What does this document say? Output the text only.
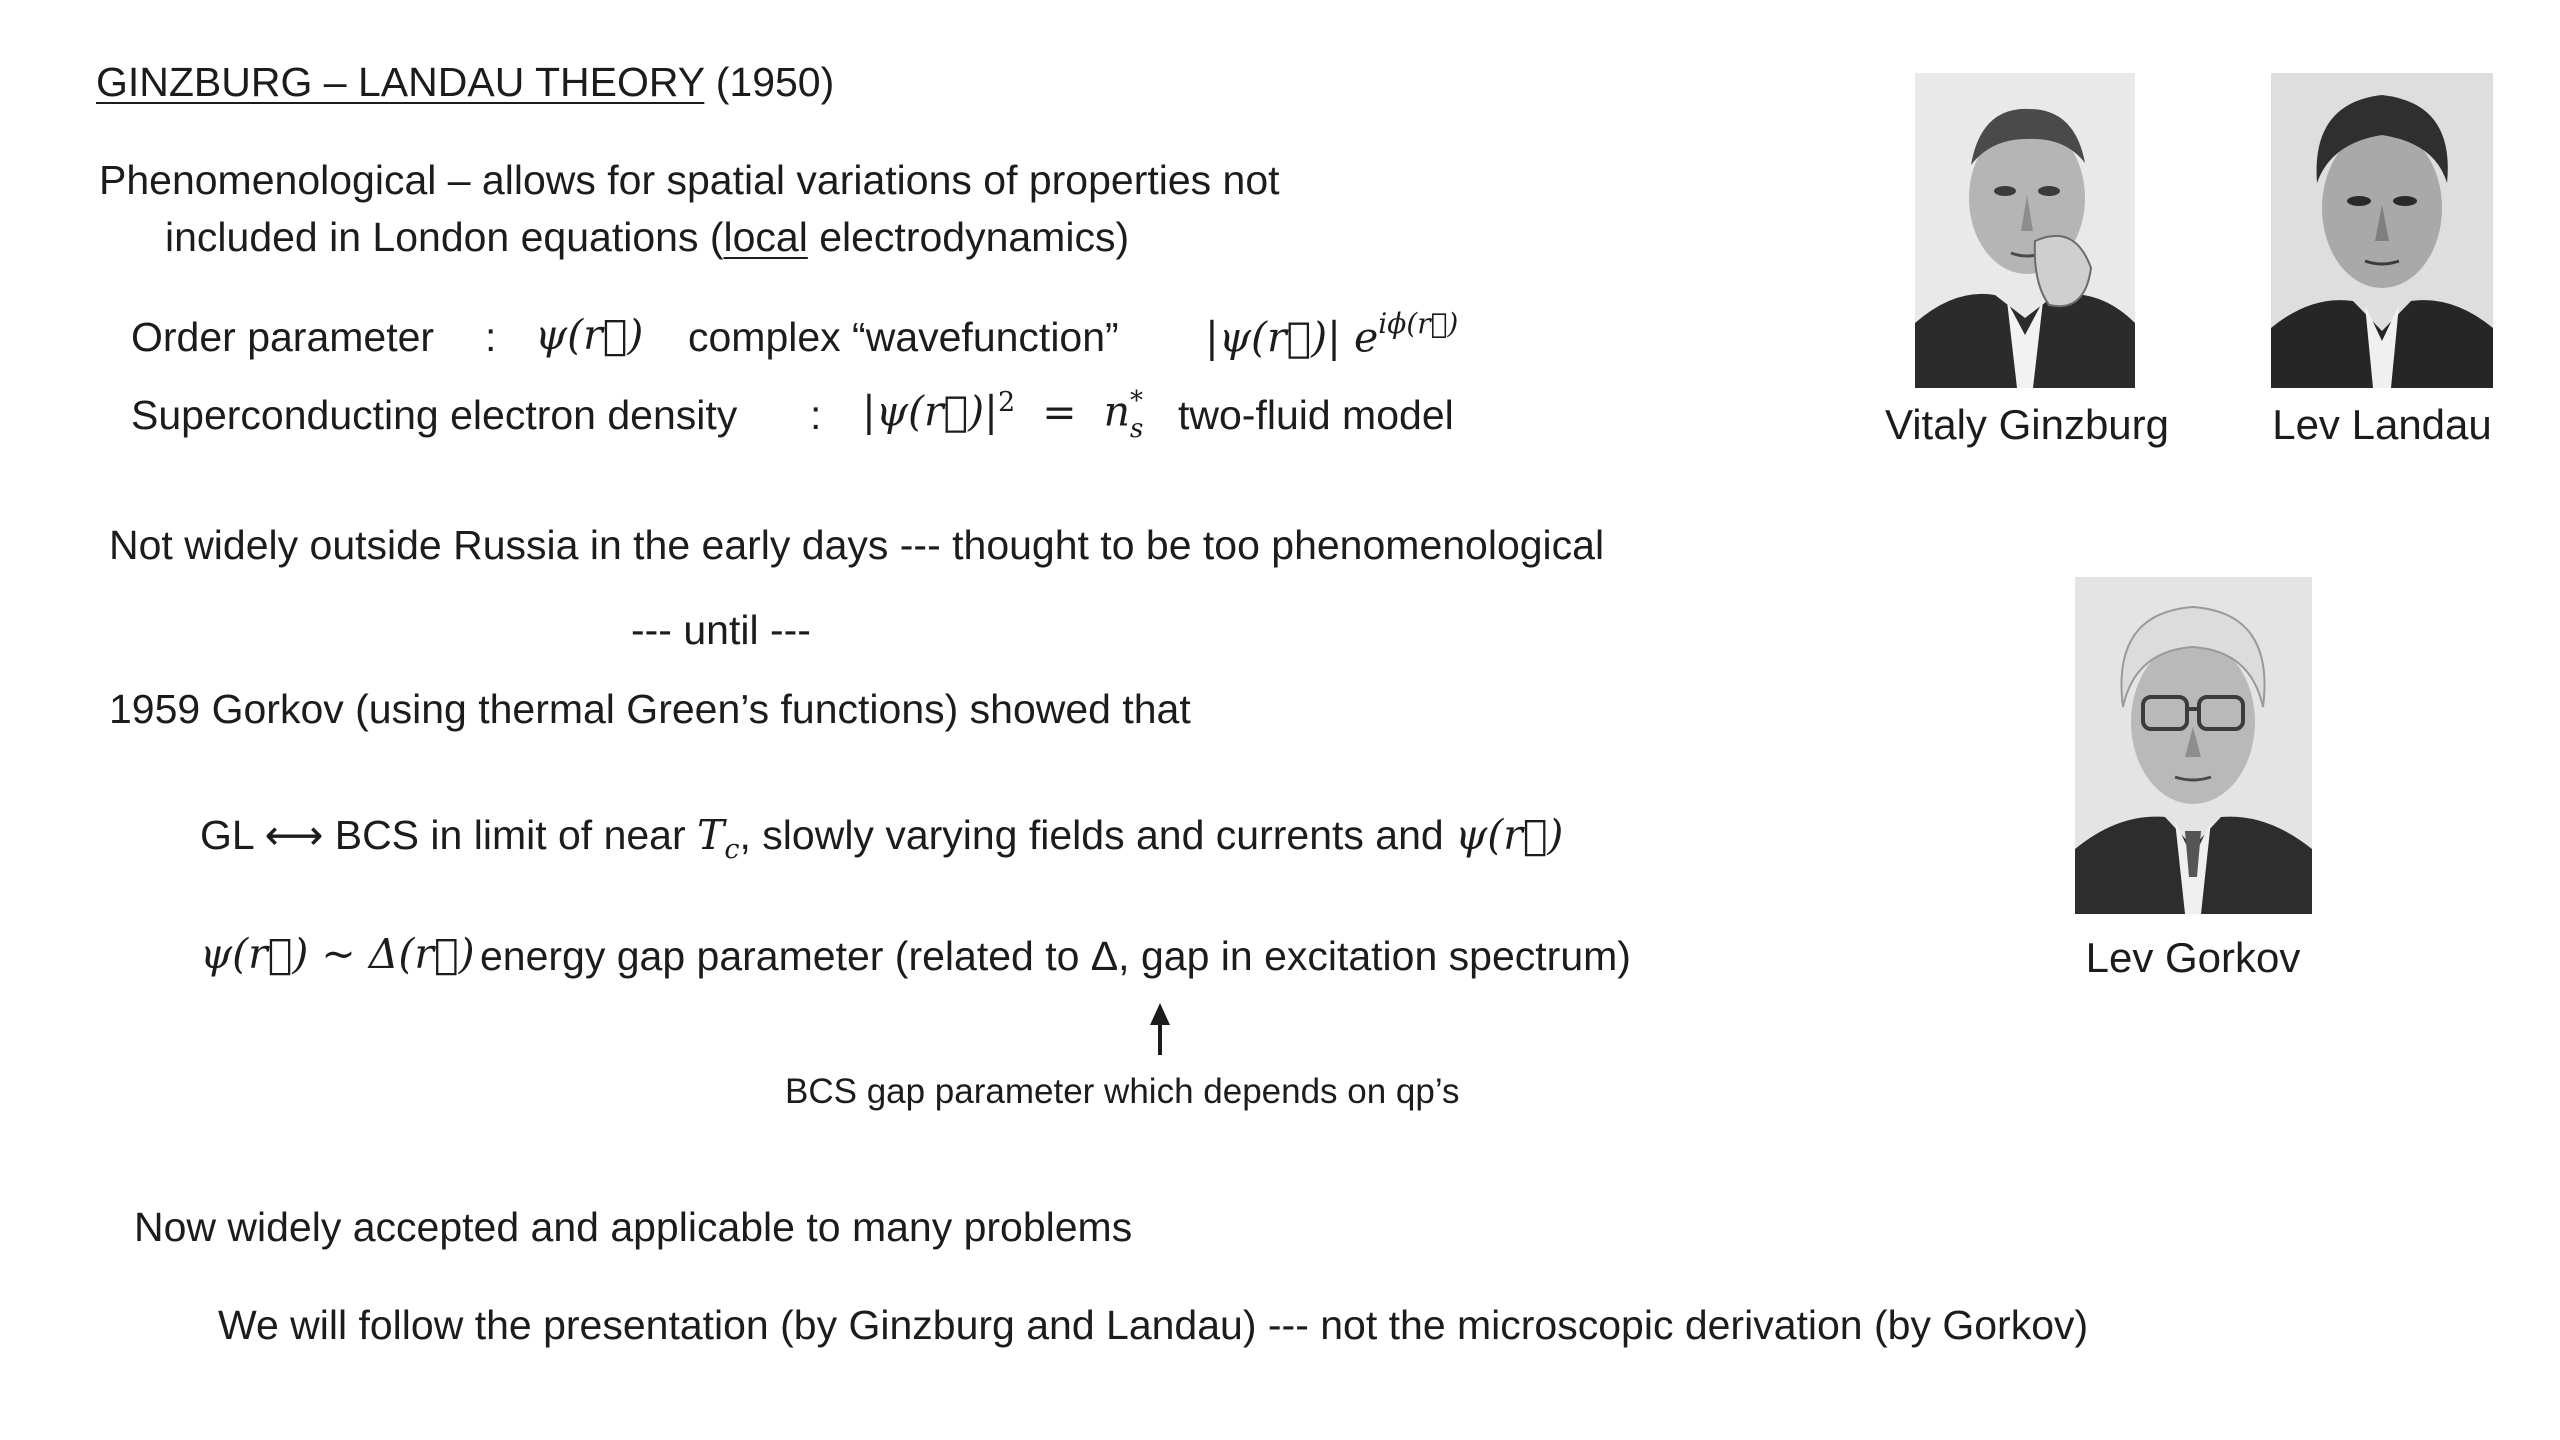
GINZBURG – LANDAU THEORY (1950)
Phenomenological – allows for spatial variations of properties not
included in London equations (local electrodynamics)
Order parameter : ψ(r⃗) complex “wavefunction” |ψ(r⃗)| $e^{i\phi(r⃗)}$
Superconducting electron density : $|\psi(r⃗)|^2 = n$ *
s two-fluid model
Not widely outside Russia in the early days --- thought to be too phenomenological
--- until ---
1959 Gorkov (using thermal Green’s functions) showed that
GL ⟷ BCS in limit of near $T_c$, slowly varying fields and currents and ψ(r⃗)
ψ(r⃗) ~ Δ(r⃗) energy gap parameter (related to Δ, gap in excitation spectrum)
BCS gap parameter which depends on qp’s
Now widely accepted and applicable to many problems
We will follow the presentation (by Ginzburg and Landau) --- not the microscopic derivation (by Gorkov)
Vitaly Ginzburg	Lev Landau
Lev Gorkov
